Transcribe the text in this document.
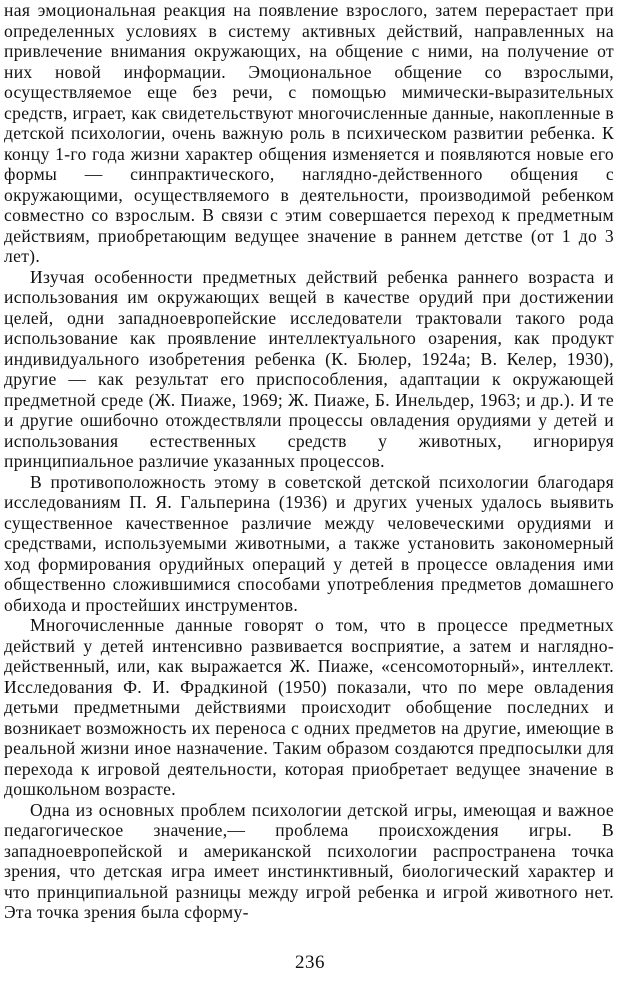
ная эмоциональная реакция на появление взрослого, затем перерастает при определенных условиях в систему активных действий, направленных на привлечение внимания окружающих, на общение с ними, на получение от них новой информации. Эмоциональное общение со взрослыми, осуществляемое еще без речи, с помощью мимически-выразительных средств, играет, как свидетельствуют многочисленные данные, накопленные в детской психологии, очень важную роль в психическом развитии ребенка. К концу 1-го года жизни характер общения изменяется и появляются новые его формы — синпрактического, наглядно-действенного общения с окружающими, осуществляемого в деятельности, производимой ребенком совместно со взрослым. В связи с этим совершается переход к предметным действиям, приобретающим ведущее значение в раннем детстве (от 1 до 3 лет).

Изучая особенности предметных действий ребенка раннего возраста и использования им окружающих вещей в качестве орудий при достижении целей, одни западноевропейские исследователи трактовали такого рода использование как проявление интеллектуального озарения, как продукт индивидуального изобретения ребенка (К. Бюлер, 1924а; В. Келер, 1930), другие — как результат его приспособления, адаптации к окружающей предметной среде (Ж. Пиаже, 1969; Ж. Пиаже, Б. Инельдер, 1963; и др.). И те и другие ошибочно отождествляли процессы овладения орудиями у детей и использования естественных средств у животных, игнорируя принципиальное различие указанных процессов.

В противоположность этому в советской детской психологии благодаря исследованиям П. Я. Гальперина (1936) и других ученых удалось выявить существенное качественное различие между человеческими орудиями и средствами, используемыми животными, а также установить закономерный ход формирования орудийных операций у детей в процессе овладения ими общественно сложившимися способами употребления предметов домашнего обихода и простейших инструментов.

Многочисленные данные говорят о том, что в процессе предметных действий у детей интенсивно развивается восприятие, а затем и наглядно-действенный, или, как выражается Ж. Пиаже, «сенсомоторный», интеллект. Исследования Ф. И. Фрадкиной (1950) показали, что по мере овладения детьми предметными действиями происходит обобщение последних и возникает возможность их переноса с одних предметов на другие, имеющие в реальной жизни иное назначение. Таким образом создаются предпосылки для перехода к игровой деятельности, которая приобретает ведущее значение в дошкольном возрасте.

Одна из основных проблем психологии детской игры, имеющая и важное педагогическое значение,— проблема происхождения игры. В западноевропейской и американской психологии распространена точка зрения, что детская игра имеет инстинктивный, биологический характер и что принципиальной разницы между игрой ребенка и игрой животного нет. Эта точка зрения была сформу-

236
